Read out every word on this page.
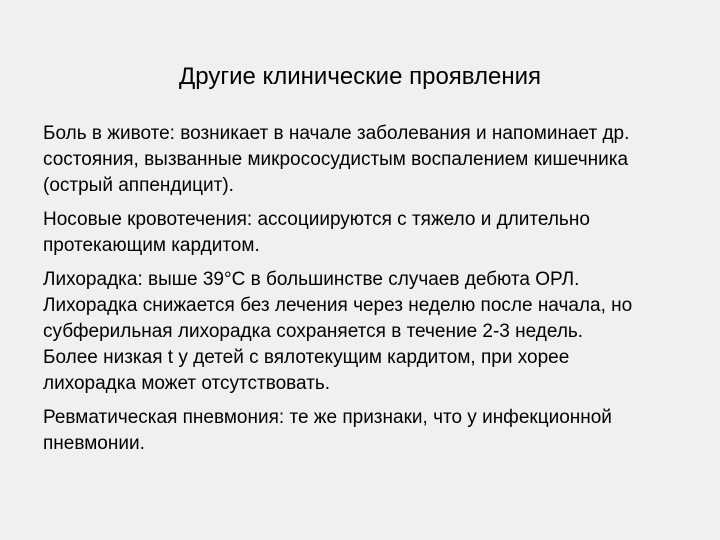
Другие клинические проявления

Боль в животе: возникает в начале заболевания и напоминает др.
состояния, вызванные микрососудистым воспалением кишечника
(острый аппендицит).

Носовые кровотечения: ассоциируются с тяжело и длительно
протекающим кардитом.

Лихорадка: выше 39°С в большинстве случаев дебюта ОРЛ.
Лихорадка снижается без лечения через неделю после начала, но
субферильная лихорадка сохраняется в течение 2-3 недель.
Более низкая t у детей с вялотекущим кардитом, при хорее
лихорадка может отсутствовать.

Ревматическая пневмония: те же признаки, что у инфекционной
пневмонии.
